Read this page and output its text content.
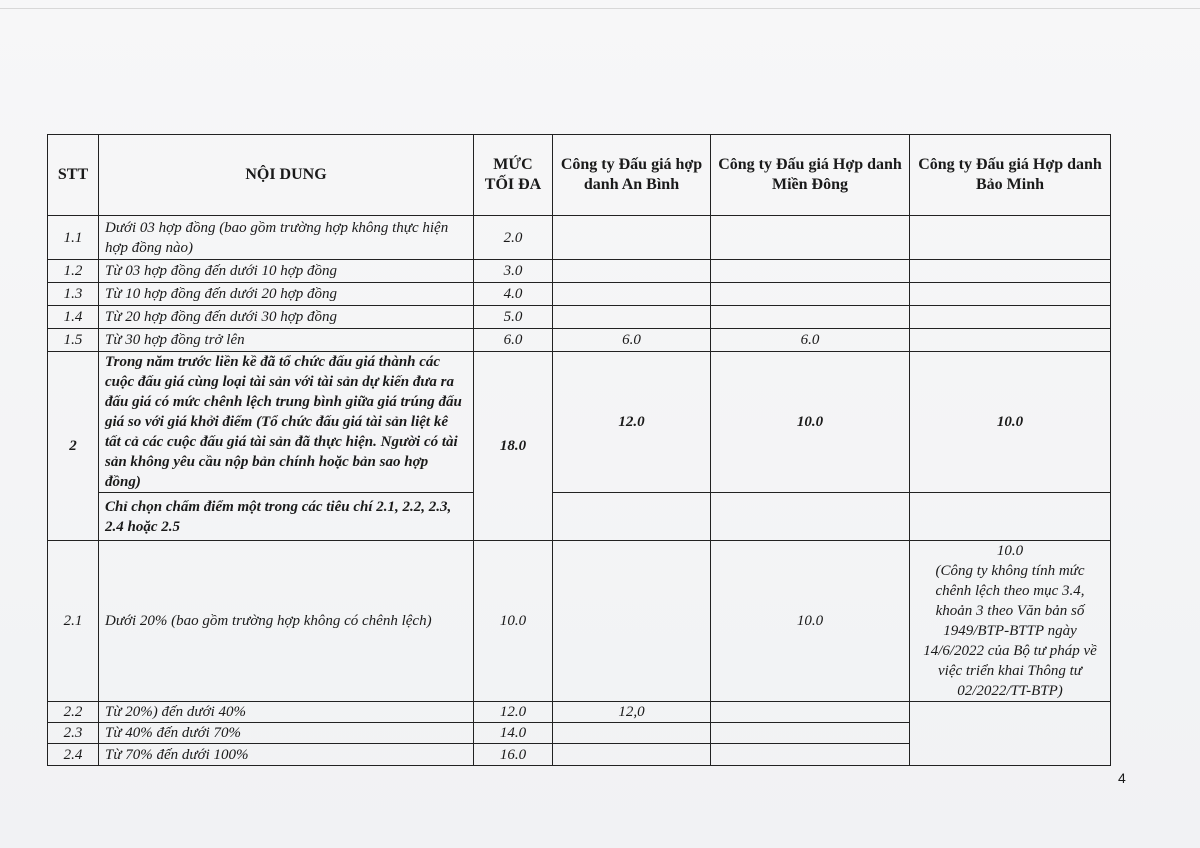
STT	NỘI DUNG	MỨC TỐI ĐA	Công ty Đấu giá hợp danh An Bình	Công ty Đấu giá Hợp danh Miền Đông	Công ty Đấu giá Hợp danh Bảo Minh
1.1	Dưới 03 hợp đồng (bao gồm trường hợp không thực hiện hợp đồng nào)	2.0			
1.2	Từ 03 hợp đồng đến dưới 10 hợp đồng	3.0			
1.3	Từ 10 hợp đồng đến dưới 20 hợp đồng	4.0			
1.4	Từ 20 hợp đồng đến dưới 30 hợp đồng	5.0			
1.5	Từ 30 hợp đồng trở lên	6.0	6.0	6.0	
2	Trong năm trước liền kề đã tổ chức đấu giá thành các cuộc đấu giá cùng loại tài sản với tài sản dự kiến đưa ra đấu giá có mức chênh lệch trung bình giữa giá trúng đấu giá so với giá khởi điểm (Tổ chức đấu giá tài sản liệt kê tất cả các cuộc đấu giá tài sản đã thực hiện. Người có tài sản không yêu cầu nộp bản chính hoặc bản sao hợp đồng)	18.0	12.0	10.0	10.0
	Chỉ chọn chấm điểm một trong các tiêu chí 2.1, 2.2, 2.3, 2.4 hoặc 2.5				
2.1	Dưới 20% (bao gồm trường hợp không có chênh lệch)	10.0		10.0	10.0
(Công ty không tính mức chênh lệch theo mục 3.4, khoản 3 theo Văn bản số 1949/BTP-BTTP ngày 14/6/2022 của Bộ tư pháp về việc triển khai Thông tư 02/2022/TT-BTP)

2.2	Từ 20%) đến dưới 40%	12.0	12,0		
2.3	Từ 40% đến dưới 70%	14.0			
2.4	Từ 70% đến dưới 100%	16.0			
4
